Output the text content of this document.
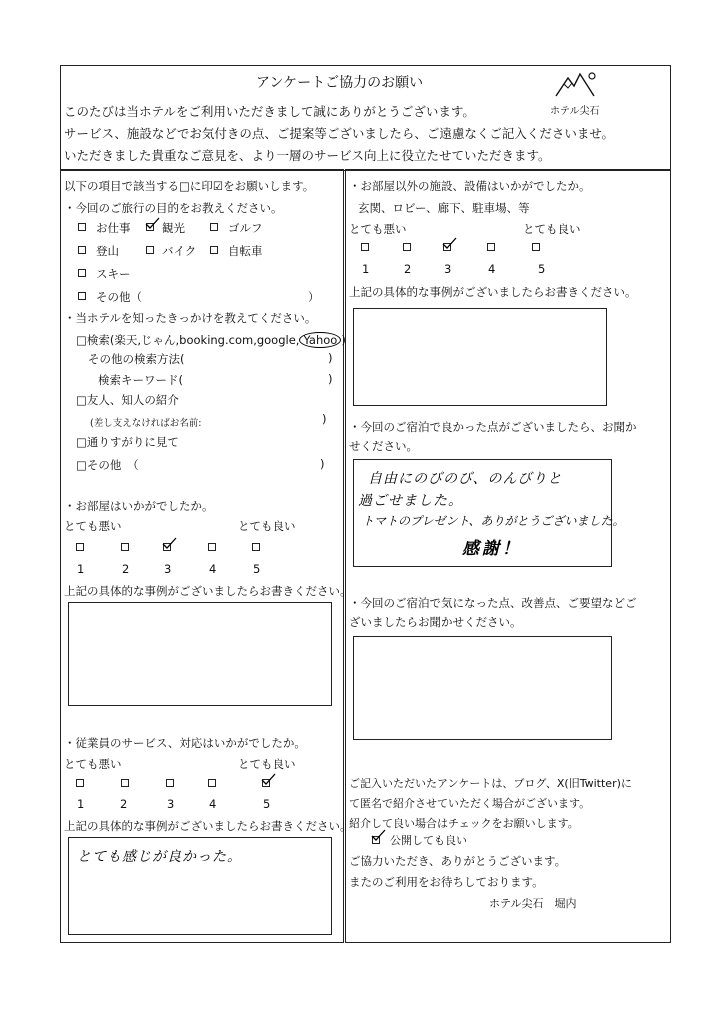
アンケートご協力のお願い
ホテル尖石
このたびは当ホテルをご利用いただきまして誠にありがとうございます。
サービス、施設などでお気付きの点、ご提案等ございましたら、ご遠慮なくご記入くださいませ。
いただきました貴重なご意見を、より一層のサービス向上に役立たせていただきます。
以下の項目で該当する□に印☑をお願いします。
・今回のご旅行の目的をお教えください。
お仕事	観光	ゴルフ
登山	バイク	自転車
スキー
その他（	）
・当ホテルを知ったきっかけを教えてください。
□検索(楽天,じゃん,booking.com,google, Yahoo )
その他の検索方法(	)
検索キーワード(	)
□友人、知人の紹介
(差し支えなければお名前:	)
□通りすがりに見て
□その他　（	)
・お部屋はいかがでしたか。
とても悪い	とても良い
1	2	3	4	5
上記の具体的な事例がございましたらお書きください。
・従業員のサービス、対応はいかがでしたか。
とても悪い	とても良い
1	2	3	4	5
上記の具体的な事例がございましたらお書きください。
とても感じが良かった。
・お部屋以外の施設、設備はいかがでしたか。
玄関、ロビー、廊下、駐車場、等
とても悪い	とても良い
1	2	3	4	5
上記の具体的な事例がございましたらお書きください。
・今回のご宿泊で良かった点がございましたら、お聞か
せください。
自由にのびのび、のんびりと
過ごせました。
トマトのプレゼント、ありがとうございました。
感謝！
・今回のご宿泊で気になった点、改善点、ご要望などご
ざいましたらお聞かせください。
ご記入いただいたアンケートは、ブログ、X(旧Twitter)に
て匿名で紹介させていただく場合がございます。
紹介して良い場合はチェックをお願いします。
公開しても良い
ご協力いただき、ありがとうございます。
またのご利用をお待ちしております。
ホテル尖石　堀内
